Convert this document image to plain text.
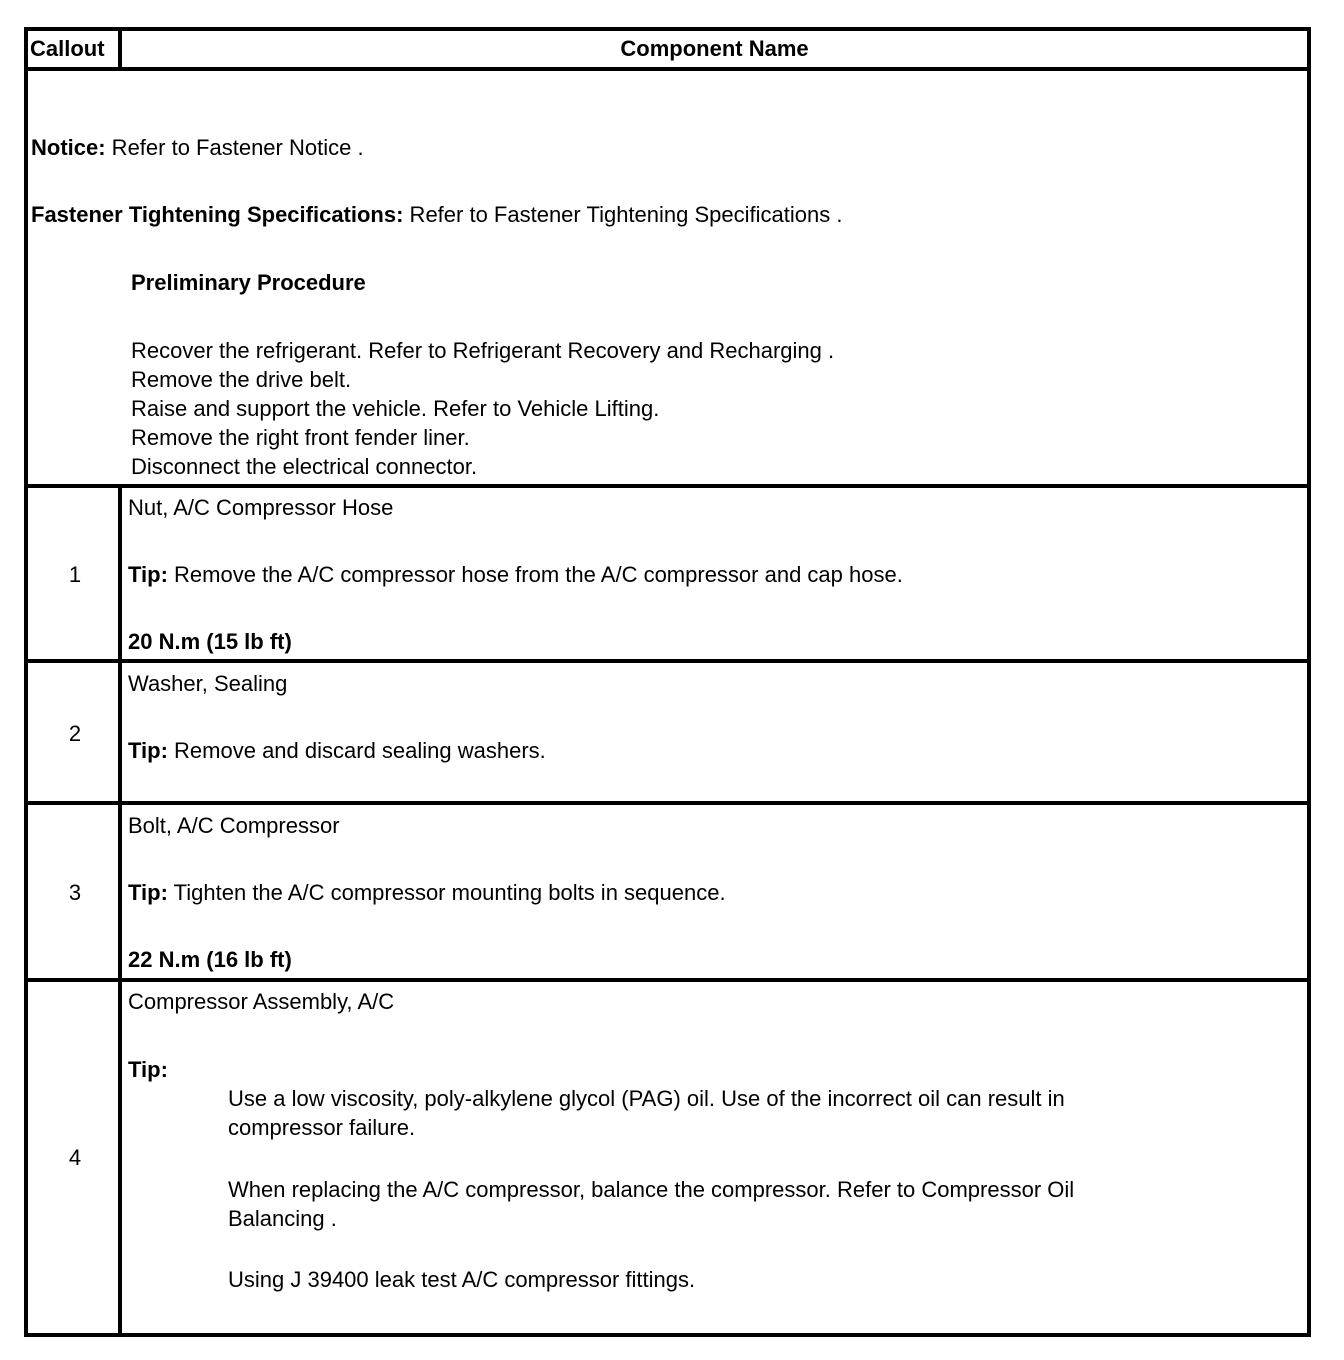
Callout	Component Name
Notice: Refer to Fastener Notice .
Fastener Tightening Specifications: Refer to Fastener Tightening Specifications .
Preliminary Procedure
Recover the refrigerant. Refer to Refrigerant Recovery and Recharging .
Remove the drive belt.
Raise and support the vehicle. Refer to Vehicle Lifting.
Remove the right front fender liner.
Disconnect the electrical connector.
1
Nut, A/C Compressor Hose
Tip: Remove the A/C compressor hose from the A/C compressor and cap hose.
20 N.m (15 lb ft)
2
Washer, Sealing
Tip: Remove and discard sealing washers.
3
Bolt, A/C Compressor
Tip: Tighten the A/C compressor mounting bolts in sequence.
22 N.m (16 lb ft)
4
Compressor Assembly, A/C
Tip:
Use a low viscosity, poly-alkylene glycol (PAG) oil. Use of the incorrect oil can result in
compressor failure.
When replacing the A/C compressor, balance the compressor. Refer to Compressor Oil
Balancing .
Using J 39400 leak test A/C compressor fittings.
